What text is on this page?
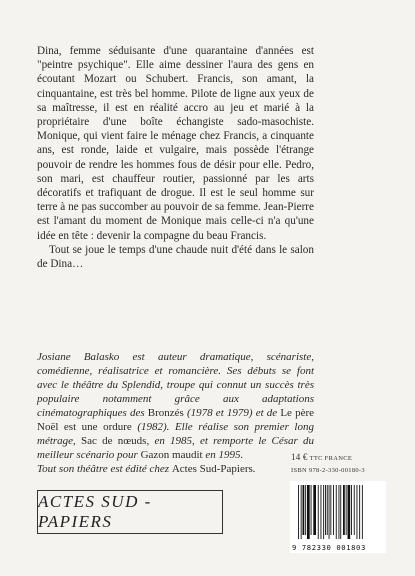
Dina, femme séduisante d'une quarantaine d'années est "peintre psychique". Elle aime dessiner l'aura des gens en écoutant Mozart ou Schubert. Francis, son amant, la cinquantaine, est très bel homme. Pilote de ligne aux yeux de sa maîtresse, il est en réalité accro au jeu et marié à la propriétaire d'une boîte échangiste sado-masochiste. Monique, qui vient faire le ménage chez Francis, a cinquante ans, est ronde, laide et vulgaire, mais possède l'étrange pouvoir de rendre les hommes fous de désir pour elle. Pedro, son mari, est chauffeur routier, passionné par les arts décoratifs et trafiquant de drogue. Il est le seul homme sur terre à ne pas succomber au pouvoir de sa femme. Jean-Pierre est l'amant du moment de Monique mais celle-ci n'a qu'une idée en tête : devenir la compagne du beau Francis.

Tout se joue le temps d'une chaude nuit d'été dans le salon de Dina…

Josiane Balasko est auteur dramatique, scénariste, comédienne, réalisatrice et romancière. Ses débuts se font avec le théâtre du Splendid, troupe qui connut un succès très populaire notamment grâce aux adaptations cinématographiques des Bronzés (1978 et 1979) et de Le père Noël est une ordure (1982). Elle réalise son premier long métrage, Sac de nœuds, en 1985, et remporte le César du meilleur scénario pour Gazon maudit en 1995.

Tout son théâtre est édité chez Actes Sud-Papiers.

14 € TTC FRANCE
ISBN 978-2-330-00180-3
9 782330 001803
ACTES SUD - PAPIERS
